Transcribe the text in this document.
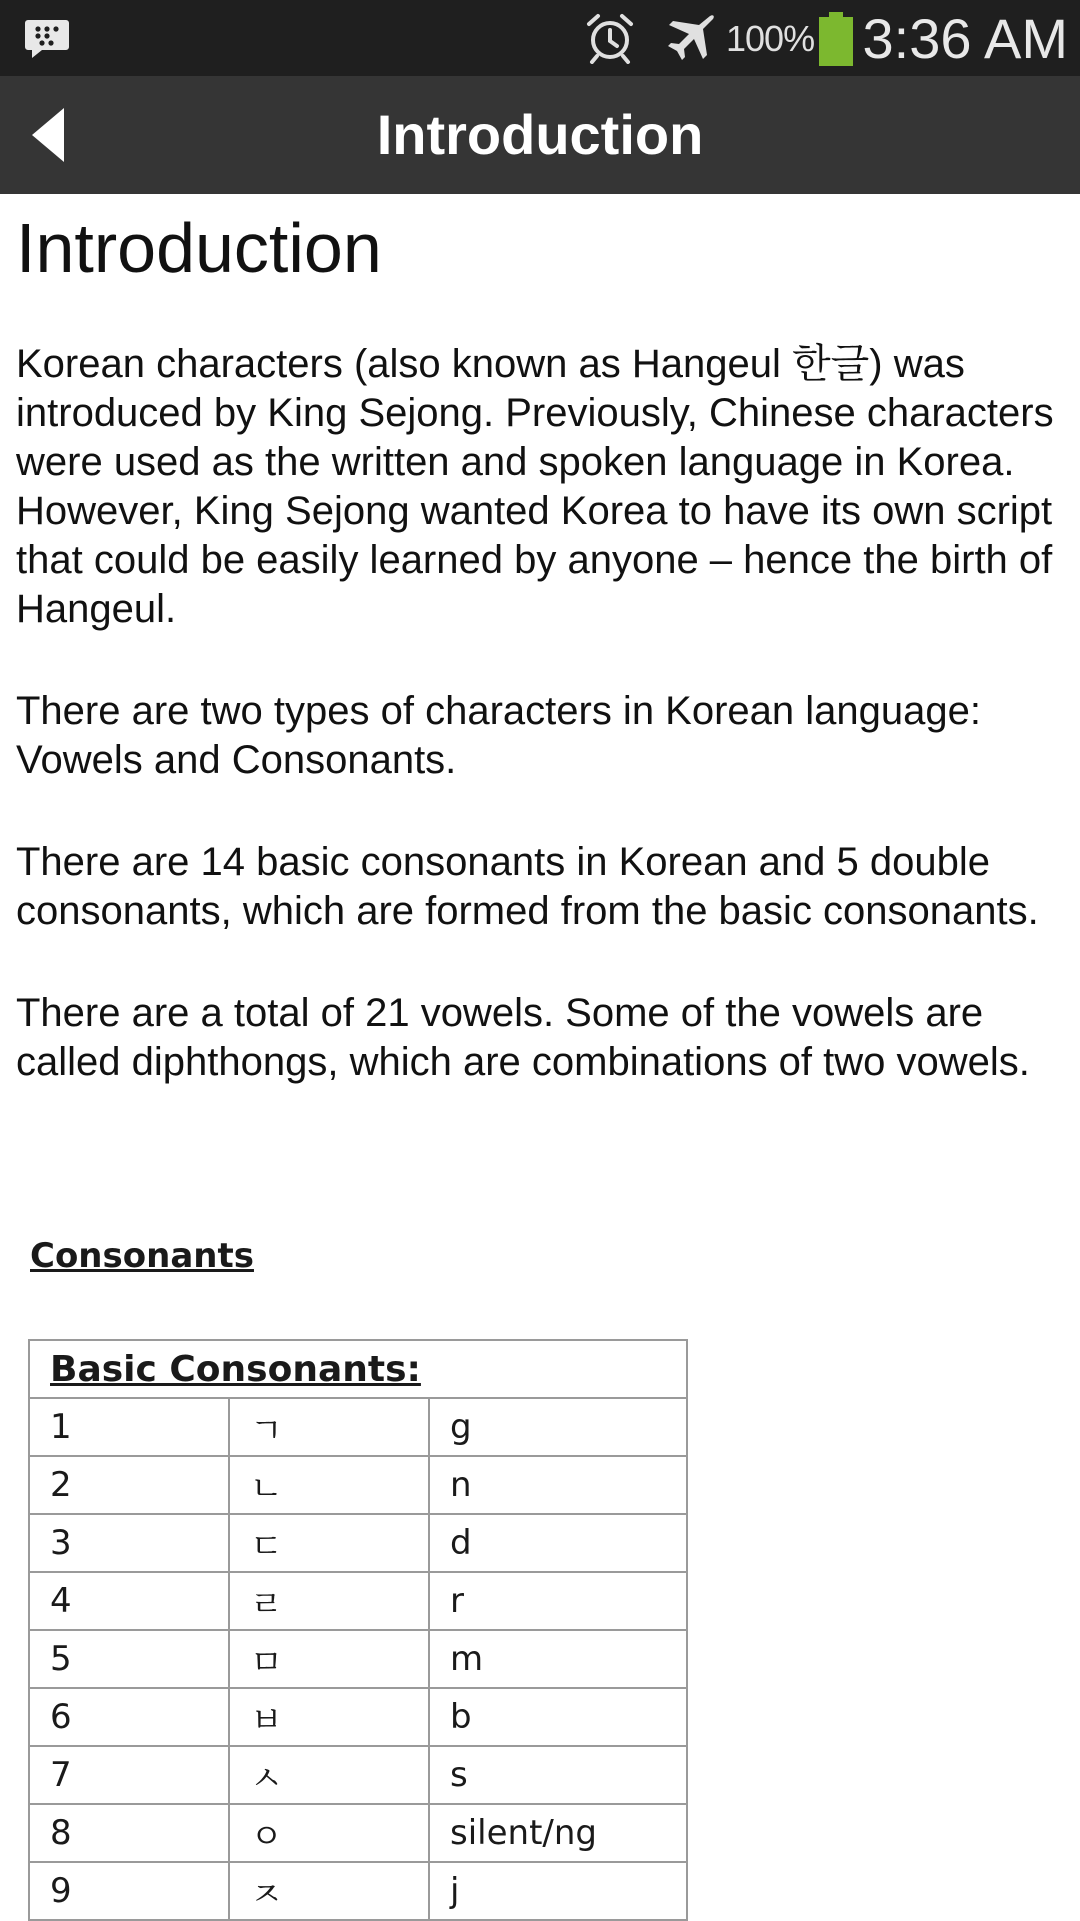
100% 3:36 AM
Introduction
Introduction

Korean characters (also known as Hangeul 한글) was introduced by King Sejong. Previously, Chinese characters were used as the written and spoken language in Korea. However, King Sejong wanted Korea to have its own script that could be easily learned by anyone – hence the birth of Hangeul.

There are two types of characters in Korean language: Vowels and Consonants.

There are 14 basic consonants in Korean and 5 double consonants, which are formed from the basic consonants.

There are a total of 21 vowels. Some of the vowels are called diphthongs, which are combinations of two vowels.

Consonants
Basic Consonants:		
1	ㄱ	g
2	ㄴ	n
3	ㄷ	d
4	ㄹ	r
5	ㅁ	m
6	ㅂ	b
7	ㅅ	s
8	ㅇ	silent/ng
9	ㅈ	j
